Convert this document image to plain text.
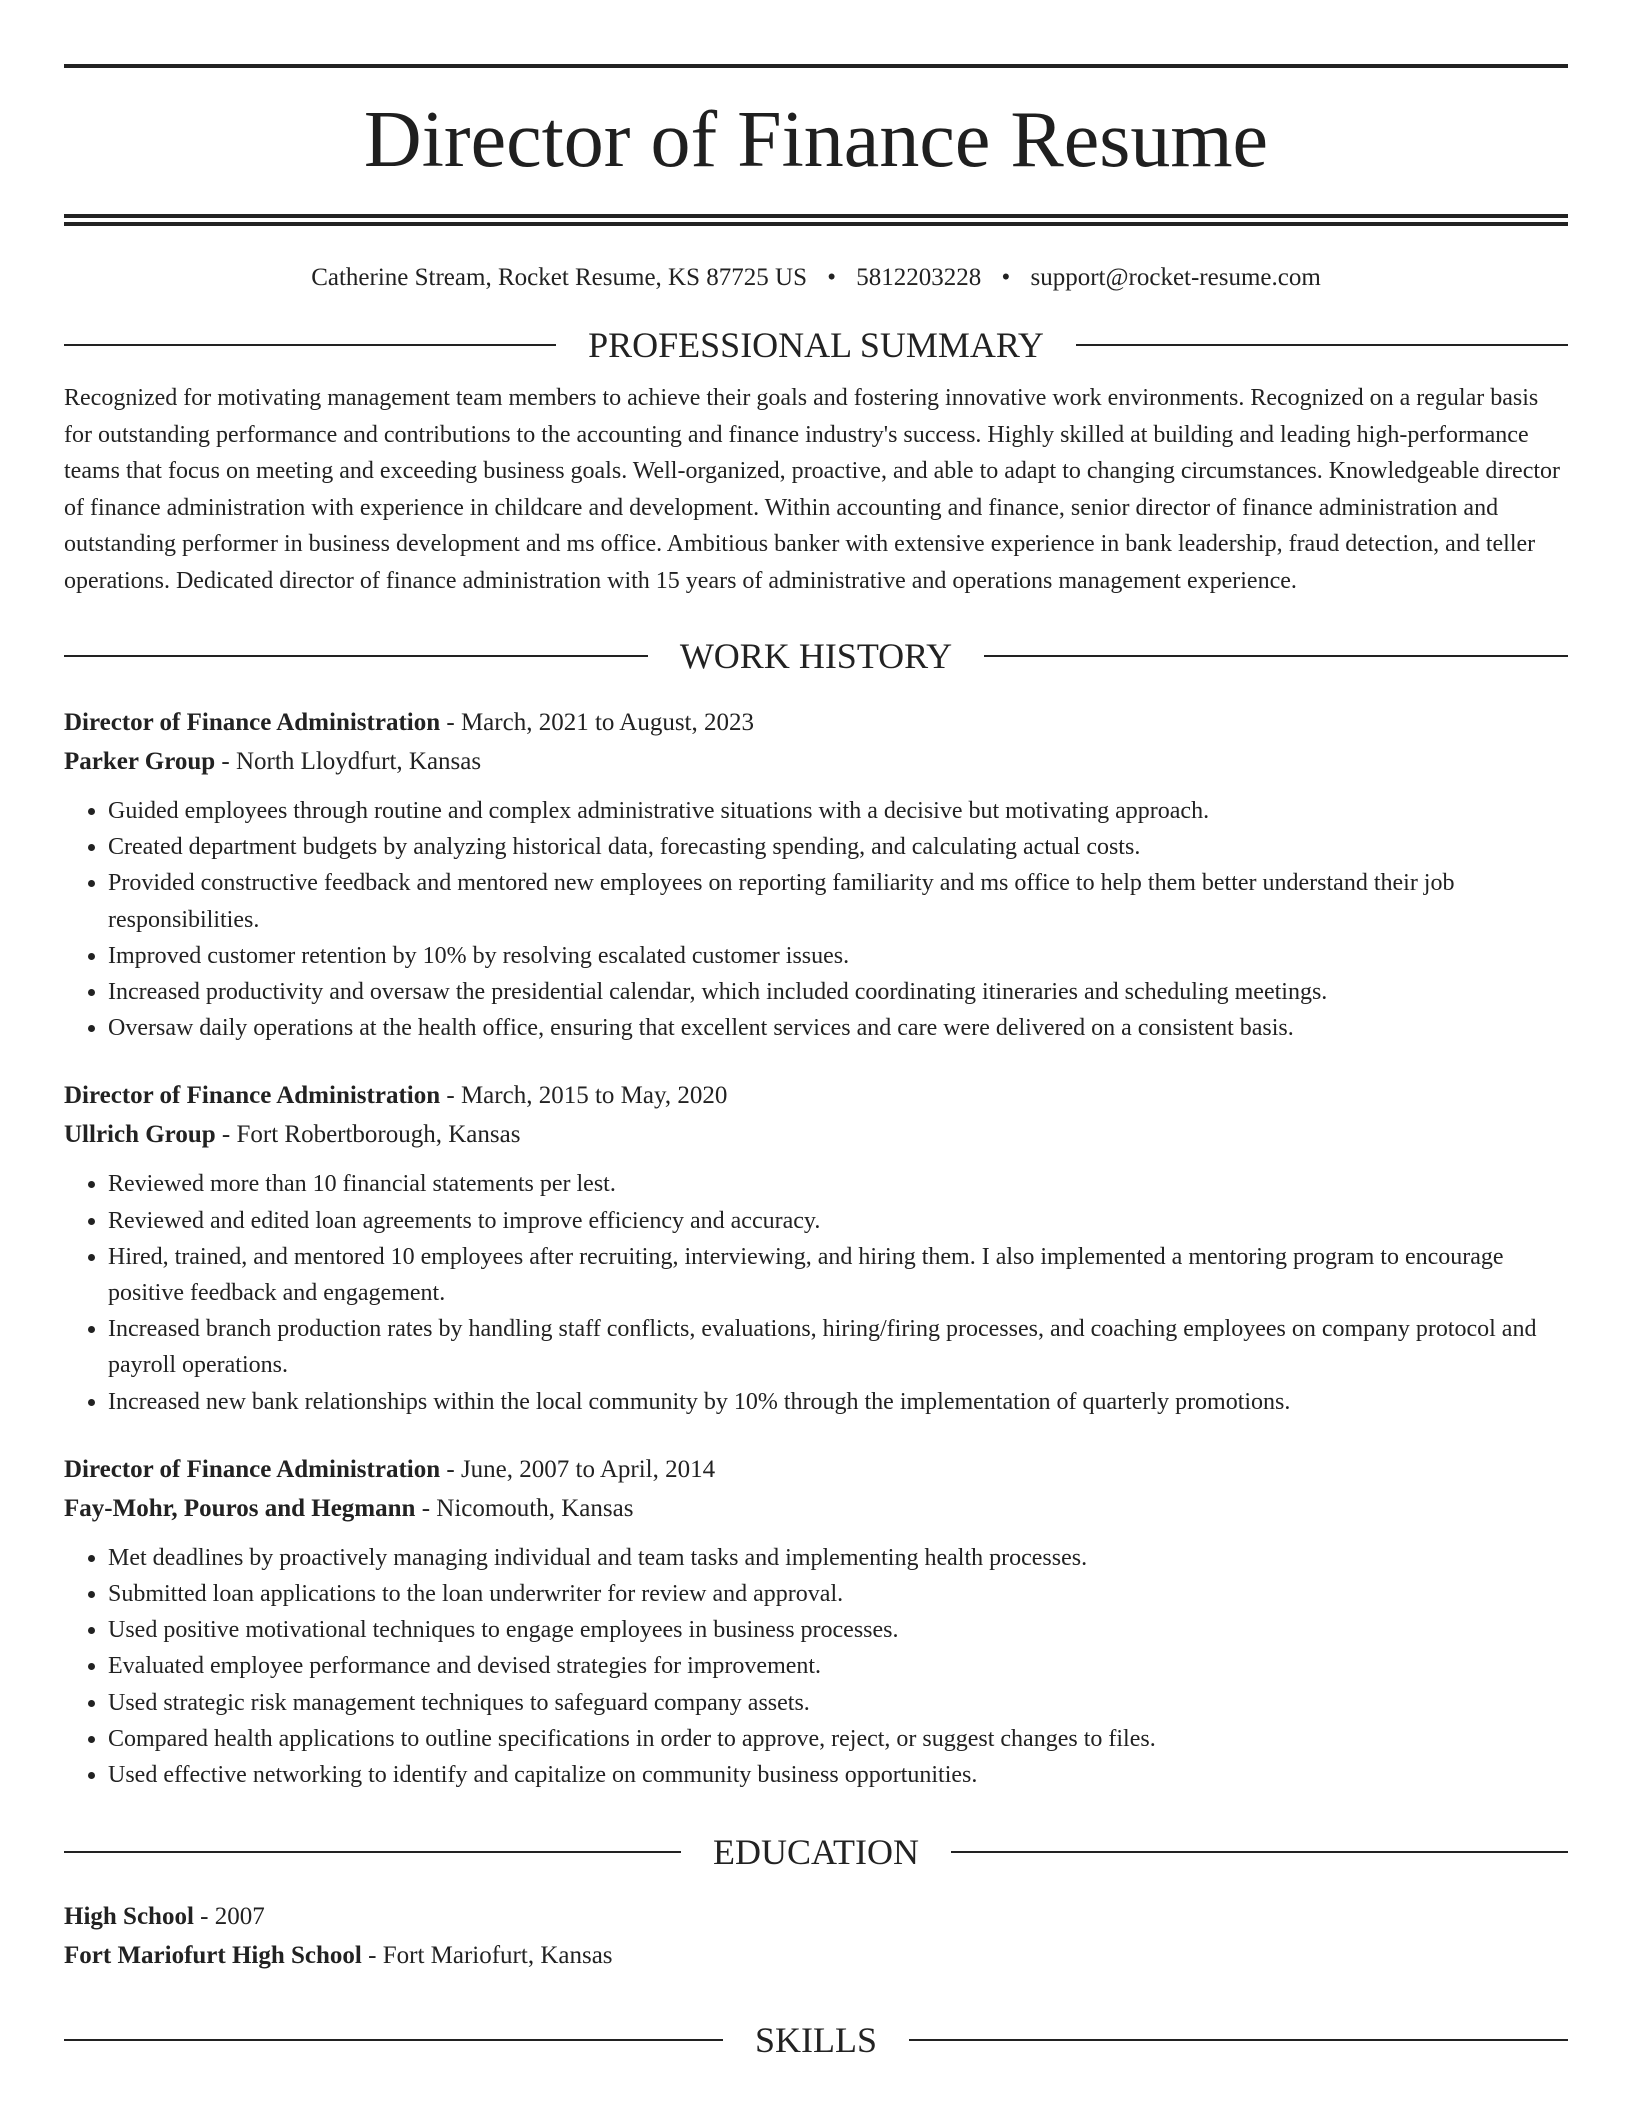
Director of Finance Resume
Catherine Stream, Rocket Resume, KS 87725 US • 5812203228 • support@rocket-resume.com
PROFESSIONAL SUMMARY

Recognized for motivating management team members to achieve their goals and fostering innovative work environments. Recognized on a regular basis for outstanding performance and contributions to the accounting and finance industry's success. Highly skilled at building and leading high-performance teams that focus on meeting and exceeding business goals. Well-organized, proactive, and able to adapt to changing circumstances. Knowledgeable director of finance administration with experience in childcare and development. Within accounting and finance, senior director of finance administration and outstanding performer in business development and ms office. Ambitious banker with extensive experience in bank leadership, fraud detection, and teller operations. Dedicated director of finance administration with 15 years of administrative and operations management experience.

WORK HISTORY
Director of Finance Administration - March, 2021 to August, 2023
Parker Group - North Lloydfurt, Kansas
• Guided employees through routine and complex administrative situations with a decisive but motivating approach.
• Created department budgets by analyzing historical data, forecasting spending, and calculating actual costs.
• Provided constructive feedback and mentored new employees on reporting familiarity and ms office to help them better understand their job responsibilities.
• Improved customer retention by 10% by resolving escalated customer issues.
• Increased productivity and oversaw the presidential calendar, which included coordinating itineraries and scheduling meetings.
• Oversaw daily operations at the health office, ensuring that excellent services and care were delivered on a consistent basis.
Director of Finance Administration - March, 2015 to May, 2020
Ullrich Group - Fort Robertborough, Kansas
• Reviewed more than 10 financial statements per lest.
• Reviewed and edited loan agreements to improve efficiency and accuracy.
• Hired, trained, and mentored 10 employees after recruiting, interviewing, and hiring them. I also implemented a mentoring program to encourage positive feedback and engagement.
• Increased branch production rates by handling staff conflicts, evaluations, hiring/firing processes, and coaching employees on company protocol and payroll operations.
• Increased new bank relationships within the local community by 10% through the implementation of quarterly promotions.
Director of Finance Administration - June, 2007 to April, 2014
Fay-Mohr, Pouros and Hegmann - Nicomouth, Kansas
• Met deadlines by proactively managing individual and team tasks and implementing health processes.
• Submitted loan applications to the loan underwriter for review and approval.
• Used positive motivational techniques to engage employees in business processes.
• Evaluated employee performance and devised strategies for improvement.
• Used strategic risk management techniques to safeguard company assets.
• Compared health applications to outline specifications in order to approve, reject, or suggest changes to files.
• Used effective networking to identify and capitalize on community business opportunities.
EDUCATION
High School - 2007
Fort Mariofurt High School - Fort Mariofurt, Kansas
SKILLS
